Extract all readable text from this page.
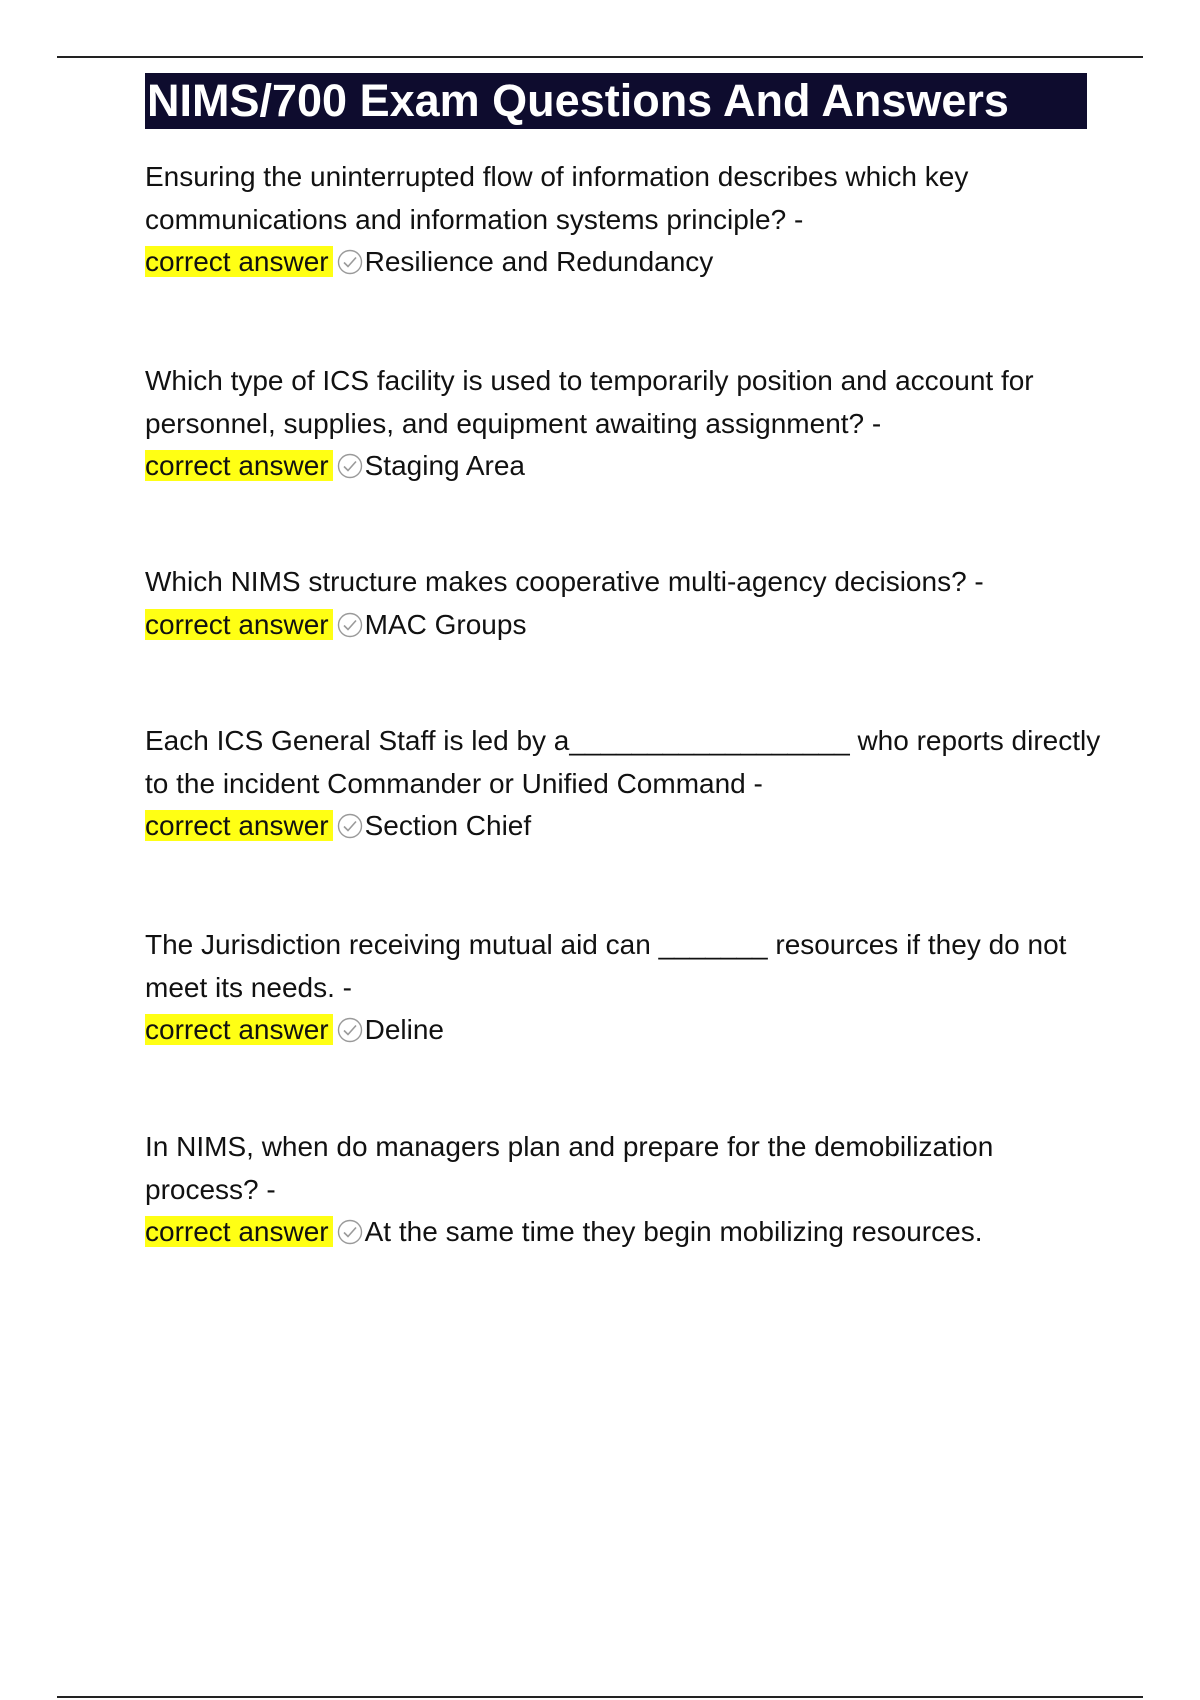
NIMS/700 Exam Questions And Answers
Ensuring the uninterrupted flow of information describes which key communications and information systems principle? -
correct answer Resilience and Redundancy
Which type of ICS facility is used to temporarily position and account for personnel, supplies, and equipment awaiting assignment? -
correct answer Staging Area
Which NIMS structure makes cooperative multi-agency decisions? -
correct answer MAC Groups
Each ICS General Staff is led by a__________________ who reports directly to the incident Commander or Unified Command -
correct answer Section Chief
The Jurisdiction receiving mutual aid can _______ resources if they do not meet its needs. -
correct answer Deline
In NIMS, when do managers plan and prepare for the demobilization process? -
correct answer At the same time they begin mobilizing resources.
